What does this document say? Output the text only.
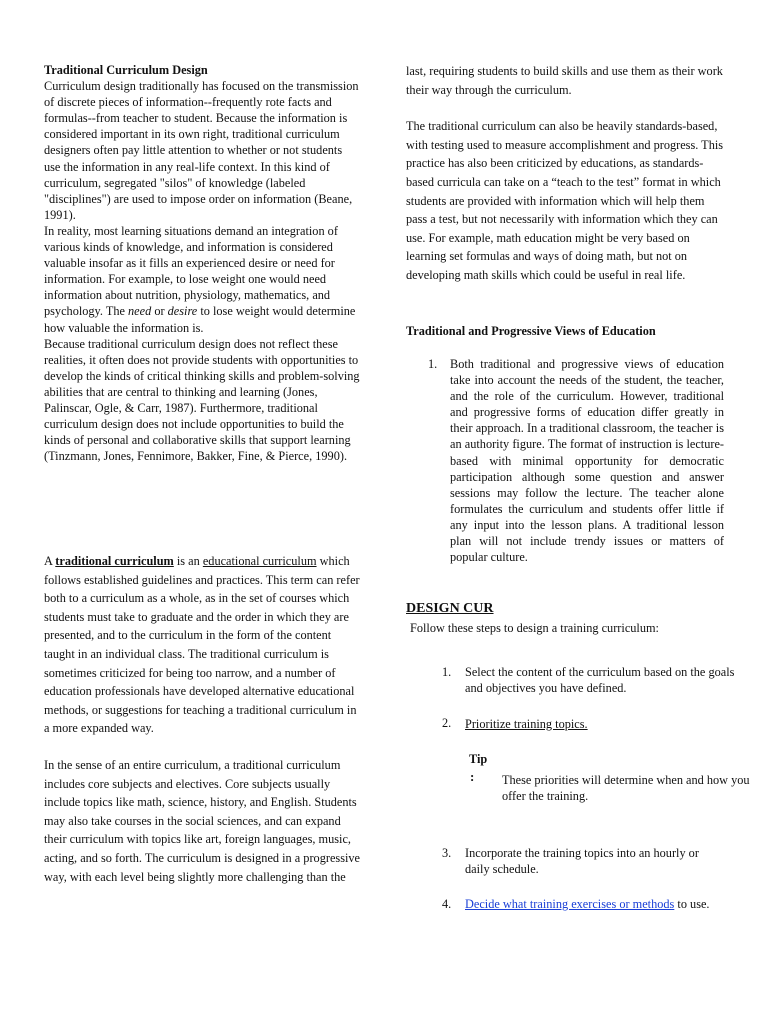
Traditional Curriculum Design

Curriculum design traditionally has focused on the transmission of discrete pieces of information--frequently rote facts and formulas--from teacher to student. Because the information is considered important in its own right, traditional curriculum designers often pay little attention to whether or not students use the information in any real-life context. In this kind of curriculum, segregated "silos" of knowledge (labeled "disciplines") are used to impose order on information (Beane, 1991).

In reality, most learning situations demand an integration of various kinds of knowledge, and information is considered valuable insofar as it fills an experienced desire or need for information. For example, to lose weight one would need information about nutrition, physiology, mathematics, and psychology. The need or desire to lose weight would determine how valuable the information is.

Because traditional curriculum design does not reflect these realities, it often does not provide students with opportunities to develop the kinds of critical thinking skills and problem-solving abilities that are central to thinking and learning (Jones, Palinscar, Ogle, & Carr, 1987). Furthermore, traditional curriculum design does not include opportunities to build the kinds of personal and collaborative skills that support learning (Tinzmann, Jones, Fennimore, Bakker, Fine, & Pierce, 1990).

A traditional curriculum is an educational curriculum which follows established guidelines and practices. This term can refer both to a curriculum as a whole, as in the set of courses which students must take to graduate and the order in which they are presented, and to the curriculum in the form of the content taught in an individual class. The traditional curriculum is sometimes criticized for being too narrow, and a number of education professionals have developed alternative educational methods, or suggestions for teaching a traditional curriculum in a more expanded way.

In the sense of an entire curriculum, a traditional curriculum includes core subjects and electives. Core subjects usually include topics like math, science, history, and English. Students may also take courses in the social sciences, and can expand their curriculum with topics like art, foreign languages, music, acting, and so forth. The curriculum is designed in a progressive way, with each level being slightly more challenging than the

last, requiring students to build skills and use them as their work their way through the curriculum.

The traditional curriculum can also be heavily standards-based, with testing used to measure accomplishment and progress. This practice has also been criticized by educations, as standards-based curricula can take on a “teach to the test” format in which students are provided with information which will help them pass a test, but not necessarily with information which they can use. For example, math education might be very based on learning set formulas and ways of doing math, but not on developing math skills which could be useful in real life.

Traditional and Progressive Views of Education

1. Both traditional and progressive views of education take into account the needs of the student, the teacher, and the role of the curriculum. However, traditional and progressive forms of education differ greatly in their approach. In a traditional classroom, the teacher is an authority figure. The format of instruction is lecture-based with minimal opportunity for democratic participation although some question and answer sessions may follow the lecture. The teacher alone formulates the curriculum and students offer little if any input into the lesson plans. A traditional lesson plan will not include trendy issues or matters of popular culture.

DESIGN CUR

Follow these steps to design a training curriculum:

1. Select the content of the curriculum based on the goals and objectives you have defined.

2. Prioritize training topics.

Tip

: These priorities will determine when and how you offer the training.

3. Incorporate the training topics into an hourly or daily schedule.

4. Decide what training exercises or methods to use.
